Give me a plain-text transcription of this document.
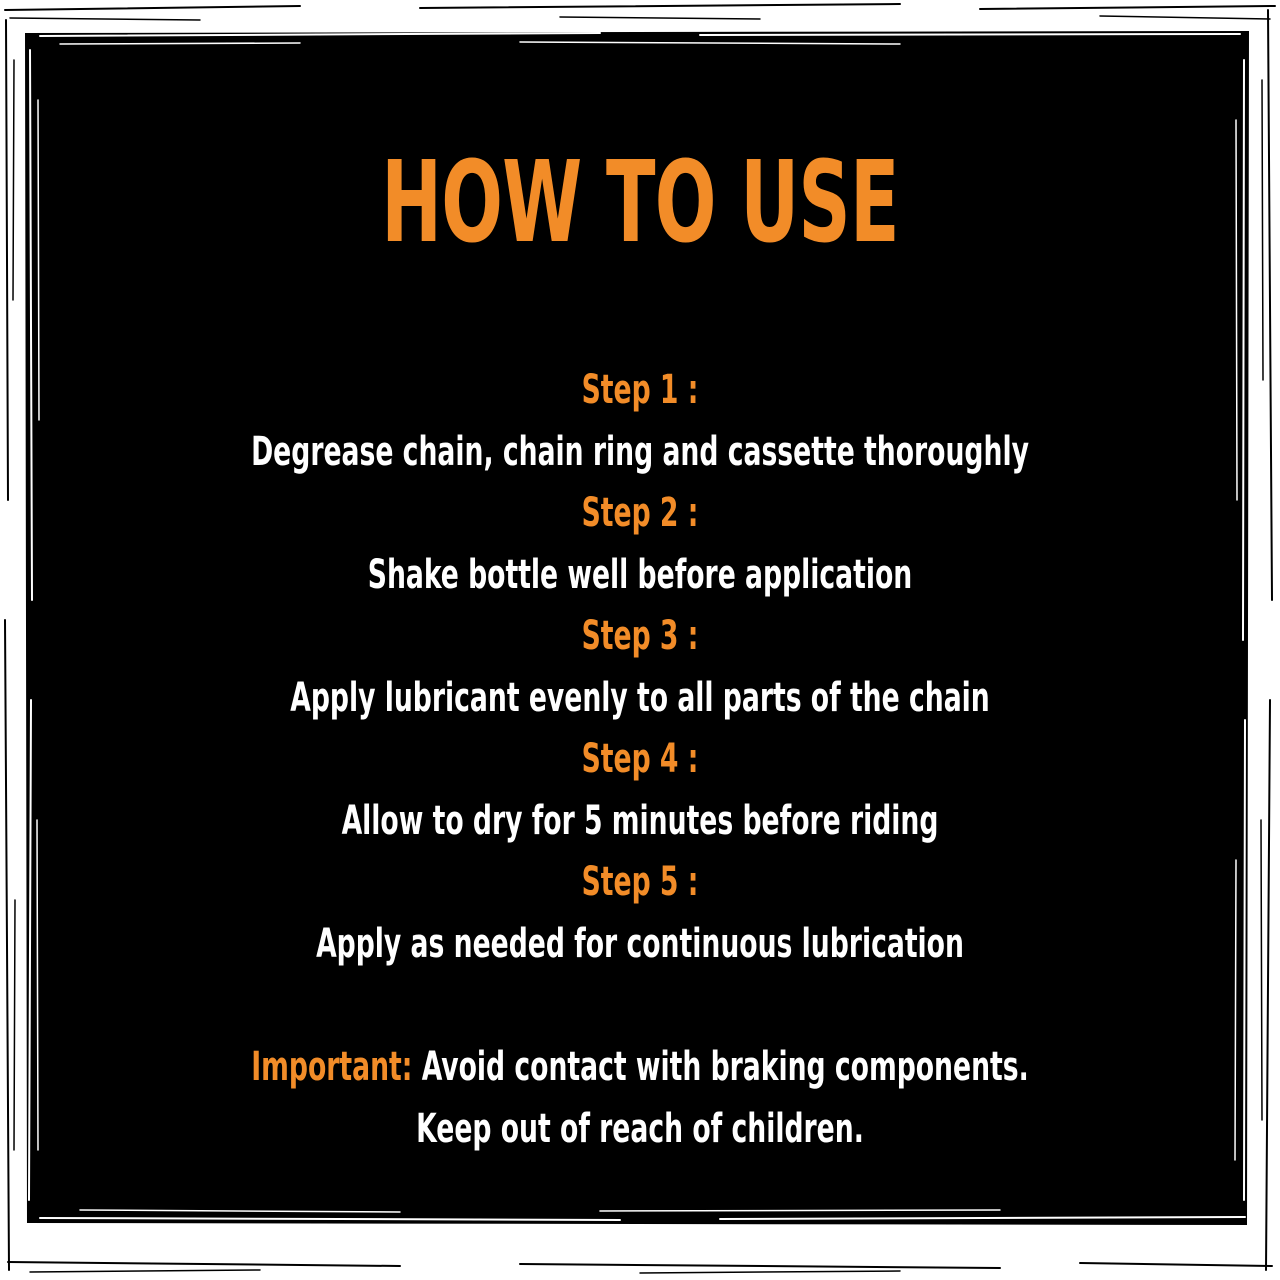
HOW TO USE
Step 1 :
Degrease chain, chain ring and cassette thoroughly
Step 2 :
Shake bottle well before application
Step 3 :
Apply lubricant evenly to all parts of the chain
Step 4 :
Allow to dry for 5 minutes before riding
Step 5 :
Apply as needed for continuous lubrication
Important: Avoid contact with braking components.
Keep out of reach of children.
